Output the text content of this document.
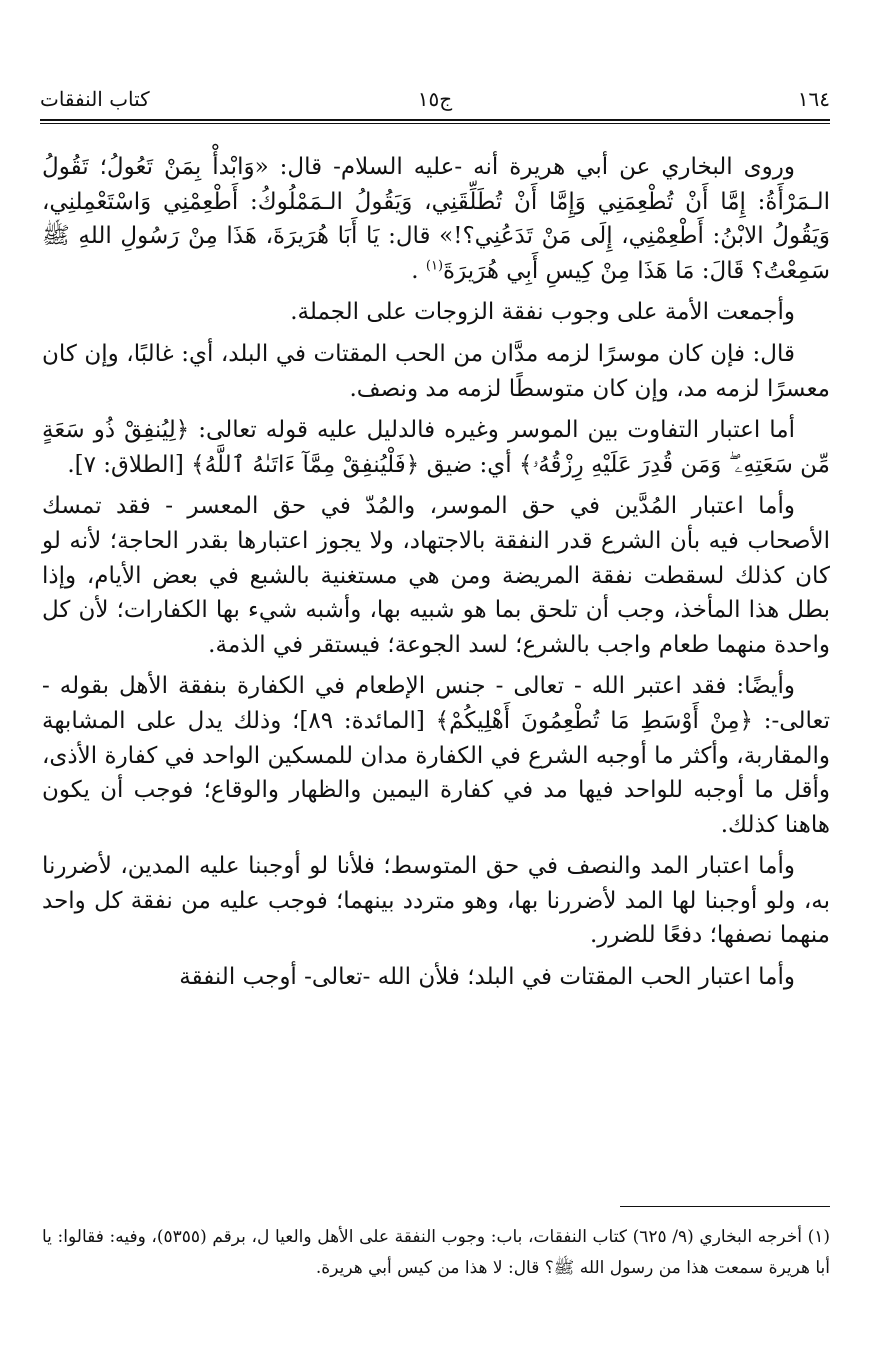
١٦٤
ج١٥
كتاب النفقات

وروى البخاري عن أبي هريرة أنه -عليه السلام- قال: «وَابْدأْ بِمَنْ تَعُولُ؛ تَقُولُ الـمَرْأَةُ: إِمَّا أَنْ تُطْعِمَنِي وَإِمَّا أَنْ تُطَلِّقَنِي، وَيَقُولُ الـمَمْلُوكُ: أَطْعِمْنِي وَاسْتَعْمِلنِي، وَيَقُولُ الابْنُ: أَطْعِمْنِي، إِلَى مَنْ تَدَعُنِي؟!» قال: يَا أَبَا هُرَيرَةَ، هَذَا مِنْ رَسُولِ اللهِ ﷺ سَمِعْتُ؟ قَالَ: مَا هَذَا مِنْ كِيسِ أَبِي هُرَيرَةَ$^{(١)}$ .

وأجمعت الأمة على وجوب نفقة الزوجات على الجملة.

قال: فإن كان موسرًا لزمه مدَّان من الحب المقتات في البلد، أي: غالبًا، وإن كان معسرًا لزمه مد، وإن كان متوسطًا لزمه مد ونصف.

أما اعتبار التفاوت بين الموسر وغيره فالدليل عليه قوله تعالى: ﴿لِيُنفِقْ ذُو سَعَةٍ مِّن سَعَتِهِۦ ۖ وَمَن قُدِرَ عَلَيْهِ رِزْقُهُۥ﴾ أي: ضيق ﴿فَلْيُنفِقْ مِمَّآ ءَاتَىٰهُ ٱللَّهُ﴾ [الطلاق: ٧].

وأما اعتبار المُدَّين في حق الموسر، والمُدّ في حق المعسر - فقد تمسك الأصحاب فيه بأن الشرع قدر النفقة بالاجتهاد، ولا يجوز اعتبارها بقدر الحاجة؛ لأنه لو كان كذلك لسقطت نفقة المريضة ومن هي مستغنية بالشبع في بعض الأيام، وإذا بطل هذا المأخذ، وجب أن تلحق بما هو شبيه بها، وأشبه شيء بها الكفارات؛ لأن كل واحدة منهما طعام واجب بالشرع؛ لسد الجوعة؛ فيستقر في الذمة.

وأيضًا: فقد اعتبر الله - تعالى - جنس الإطعام في الكفارة بنفقة الأهل بقوله - تعالى-: ﴿مِنْ أَوْسَطِ مَا تُطْعِمُونَ أَهْلِيكُمْ﴾ [المائدة: ٨٩]؛ وذلك يدل على المشابهة والمقاربة، وأكثر ما أوجبه الشرع في الكفارة مدان للمسكين الواحد في كفارة الأذى، وأقل ما أوجبه للواحد فيها مد في كفارة اليمين والظهار والوقاع؛ فوجب أن يكون هاهنا كذلك.

وأما اعتبار المد والنصف في حق المتوسط؛ فلأنا لو أوجبنا عليه المدين، لأضررنا به، ولو أوجبنا لها المد لأضررنا بها، وهو متردد بينهما؛ فوجب عليه من نفقة كل واحد منهما نصفها؛ دفعًا للضرر.

وأما اعتبار الحب المقتات في البلد؛ فلأن الله -تعالى- أوجب النفقة

(١) أخرجه البخاري (٩/ ٦٢٥) كتاب النفقات، باب: وجوب النفقة على الأهل والعيا ل، برقم (٥٣٥٥)، وفيه: فقالوا: يا أبا هريرة سمعت هذا من رسول الله ﷺ؟ قال: لا هذا من كيس أبي هريرة.
